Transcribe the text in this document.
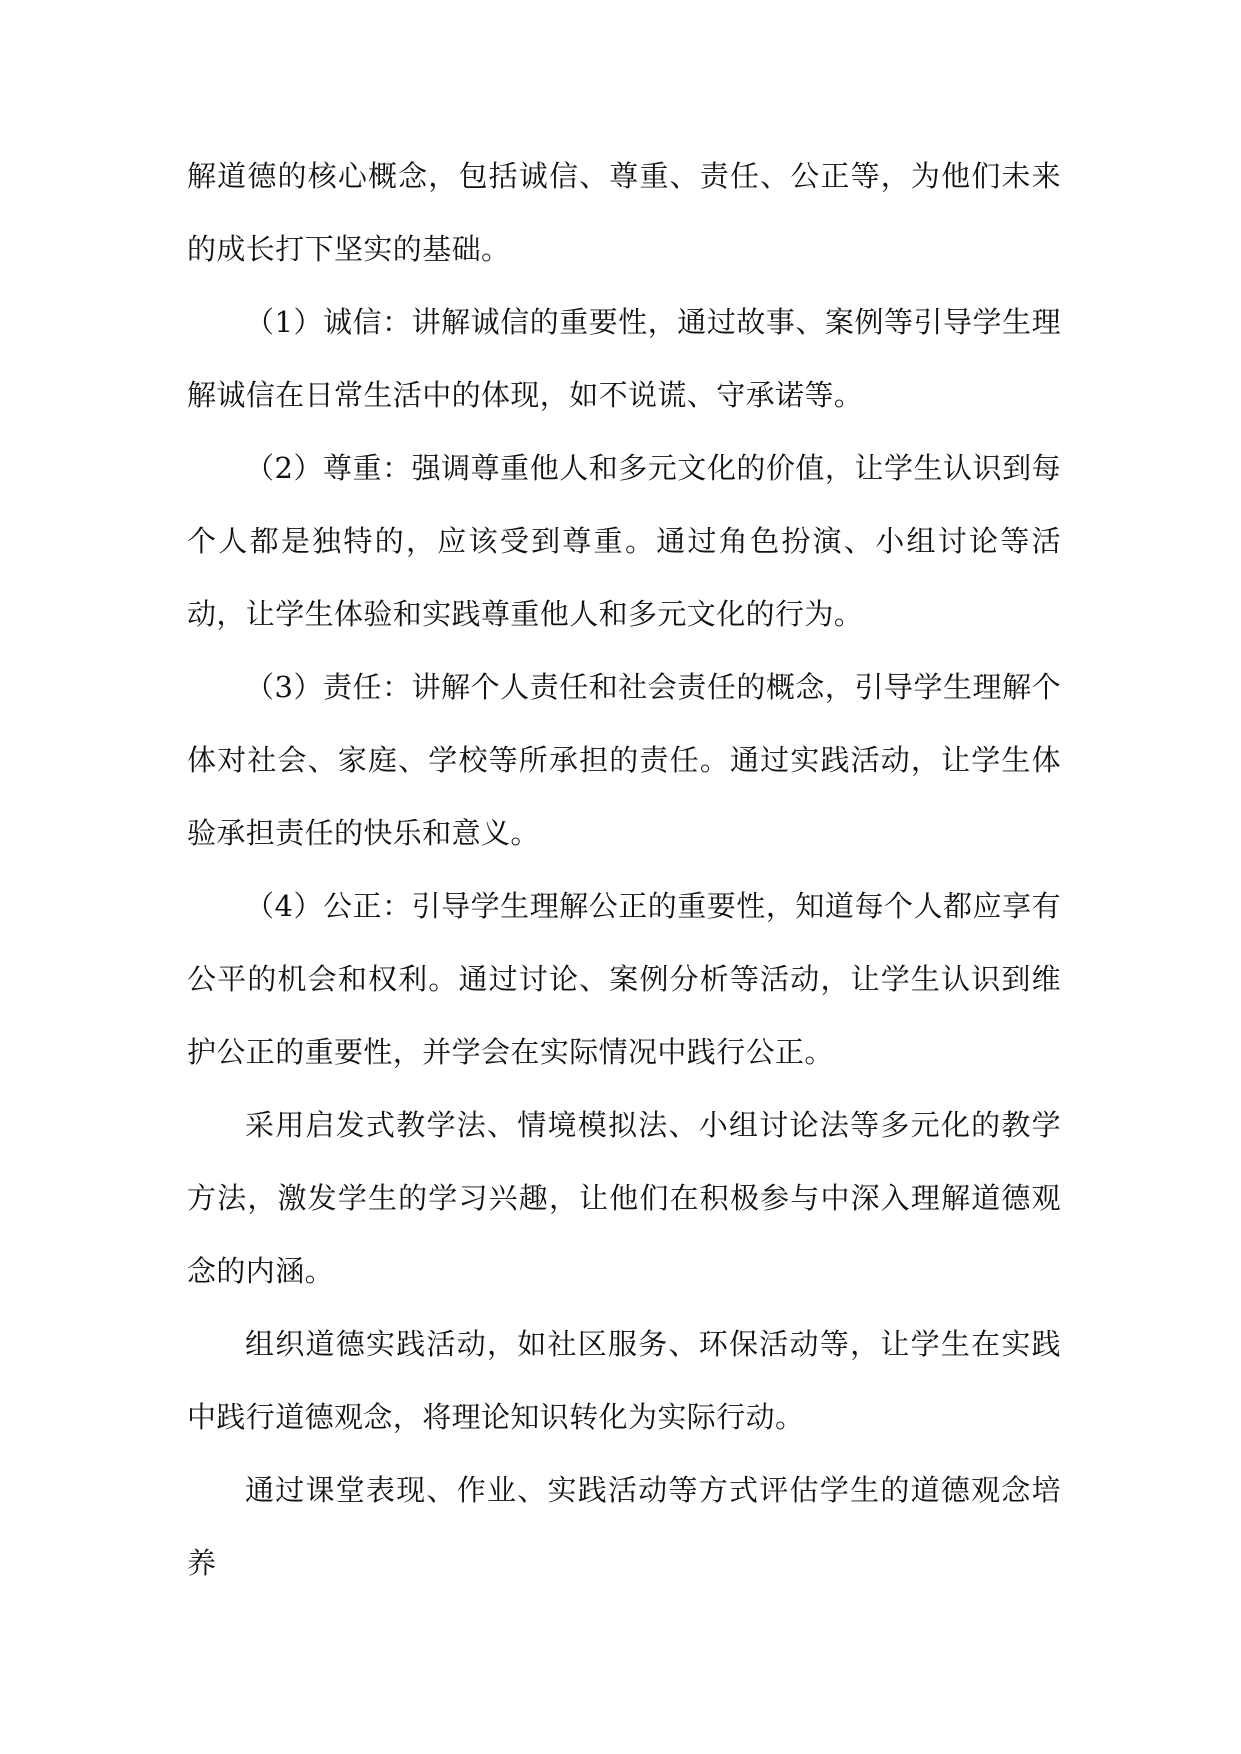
解道德的核心概念，包括诚信、尊重、责任、公正等，为他们未来的成长打下坚实的基础。

（1）诚信：讲解诚信的重要性，通过故事、案例等引导学生理解诚信在日常生活中的体现，如不说谎、守承诺等。

（2）尊重：强调尊重他人和多元文化的价值，让学生认识到每个人都是独特的，应该受到尊重。通过角色扮演、小组讨论等活动，让学生体验和实践尊重他人和多元文化的行为。

（3）责任：讲解个人责任和社会责任的概念，引导学生理解个体对社会、家庭、学校等所承担的责任。通过实践活动，让学生体验承担责任的快乐和意义。

（4）公正：引导学生理解公正的重要性，知道每个人都应享有公平的机会和权利。通过讨论、案例分析等活动，让学生认识到维护公正的重要性，并学会在实际情况中践行公正。

采用启发式教学法、情境模拟法、小组讨论法等多元化的教学方法，激发学生的学习兴趣，让他们在积极参与中深入理解道德观念的内涵。

组织道德实践活动，如社区服务、环保活动等，让学生在实践中践行道德观念，将理论知识转化为实际行动。

通过课堂表现、作业、实践活动等方式评估学生的道德观念培养
